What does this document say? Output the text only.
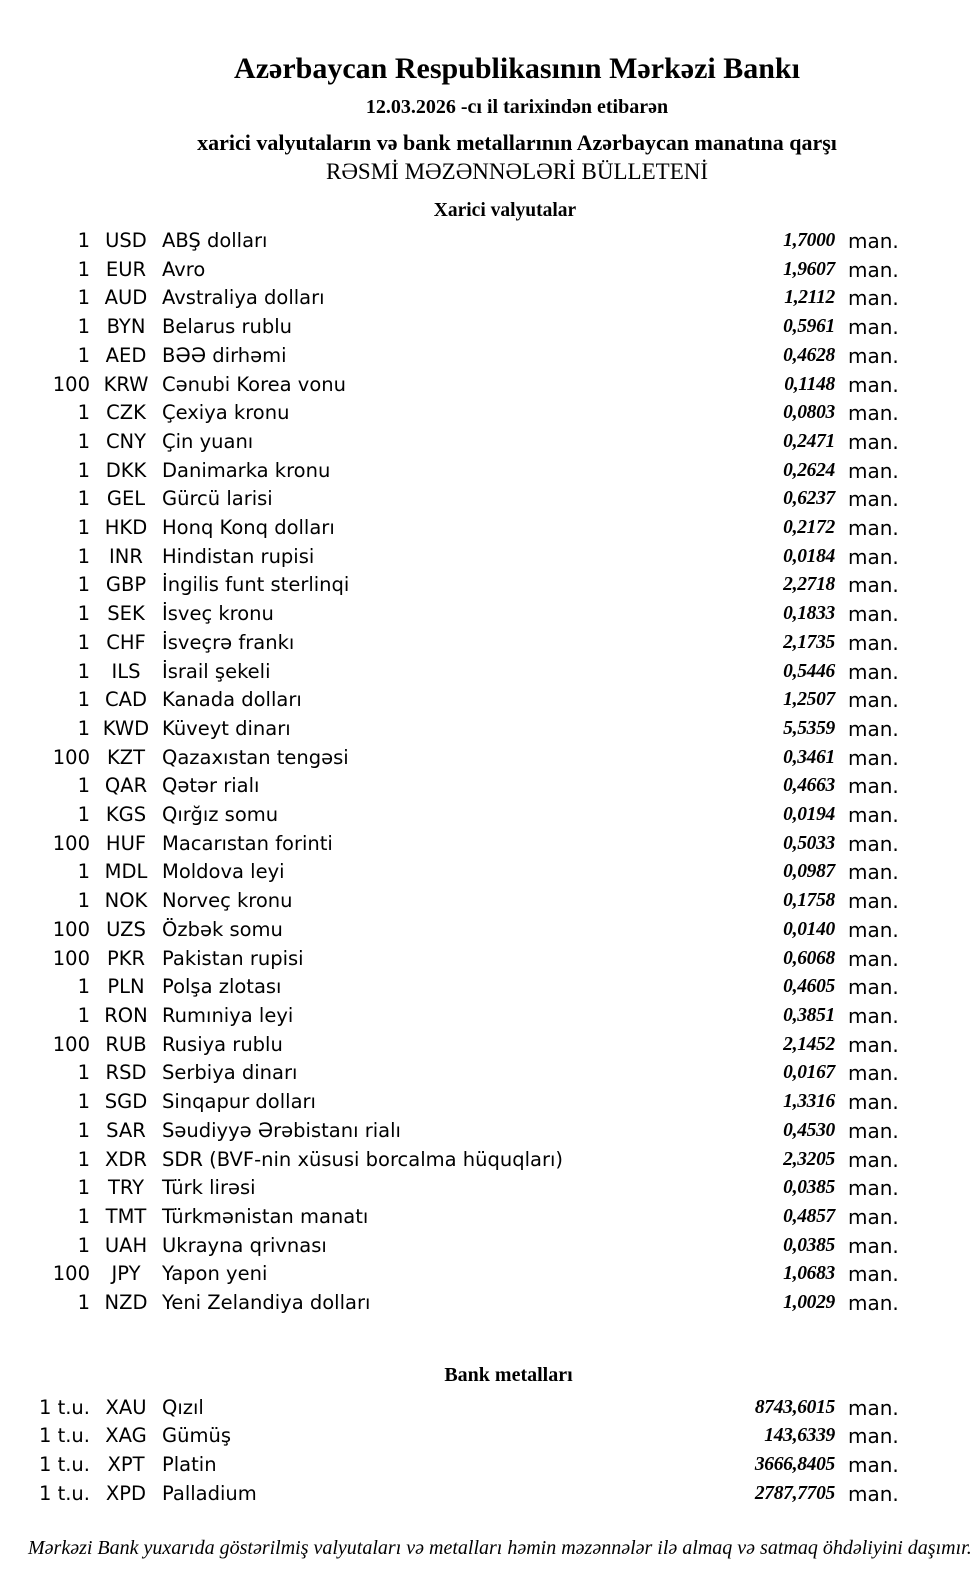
Azərbaycan Respublikasının Mərkəzi Bankı
12.03.2026 -cı il tarixindən etibarən
xarici valyutaların və bank metallarının Azərbaycan manatına qarşı
RƏSMİ MƏZƏNNƏLƏRİ BÜLLETENİ
Xarici valyutalar
1 USD ABŞ dolları	1,7000 man.
1 EUR Avro	1,9607 man.
1 AUD Avstraliya dolları	1,2112 man.
1 BYN Belarus rublu	0,5961 man.
1 AED BƏƏ dirhəmi	0,4628 man.
100 KRW Cənubi Korea vonu	0,1148 man.
1 CZK Çexiya kronu	0,0803 man.
1 CNY Çin yuanı	0,2471 man.
1 DKK Danimarka kronu	0,2624 man.
1 GEL Gürcü larisi	0,6237 man.
1 HKD Honq Konq dolları	0,2172 man.
1 INR Hindistan rupisi	0,0184 man.
1 GBP İngilis funt sterlinqi	2,2718 man.
1 SEK İsveç kronu	0,1833 man.
1 CHF İsveçrə frankı	2,1735 man.
1	ILS	İsrail şekeli	0,5446 man.
1 CAD Kanada dolları	1,2507 man.
1 KWD Küveyt dinarı	5,5359 man.
100 KZT Qazaxıstan tengəsi	0,3461 man.
1 QAR Qətər rialı	0,4663 man.
1 KGS Qırğız somu	0,0194 man.
100 HUF Macarıstan forinti	0,5033 man.
1 MDL Moldova leyi	0,0987 man.
1 NOK Norveç kronu	0,1758 man.
100 UZS Özbək somu	0,0140 man.
100 PKR Pakistan rupisi	0,6068 man.
1 PLN Polşa zlotası	0,4605 man.
1 RON Rumıniya leyi	0,3851 man.
100 RUB Rusiya rublu	2,1452 man.
1 RSD Serbiya dinarı	0,0167 man.
1 SGD Sinqapur dolları	1,3316 man.
1 SAR Səudiyyə Ərəbistanı rialı	0,4530 man.
1 XDR SDR (BVF-nin xüsusi borcalma hüquqları)	2,3205 man.
1 TRY Türk lirəsi	0,0385 man.
1 TMT Türkmənistan manatı	0,4857 man.
1 UAH Ukrayna qrivnası	0,0385 man.
100	JPY	Yapon yeni	1,0683 man.
1 NZD Yeni Zelandiya dolları	1,0029 man.
Bank metalları
1 t.u. XAU Qızıl	8743,6015 man.
1 t.u. XAG Gümüş	143,6339 man.
1 t.u. XPT Platin	3666,8405 man.
1 t.u. XPD Palladium	2787,7705 man.
Mərkəzi Bank yuxarıda göstərilmiş valyutaları və metalları həmin məzənnələr ilə almaq və satmaq öhdəliyini daşımır.
